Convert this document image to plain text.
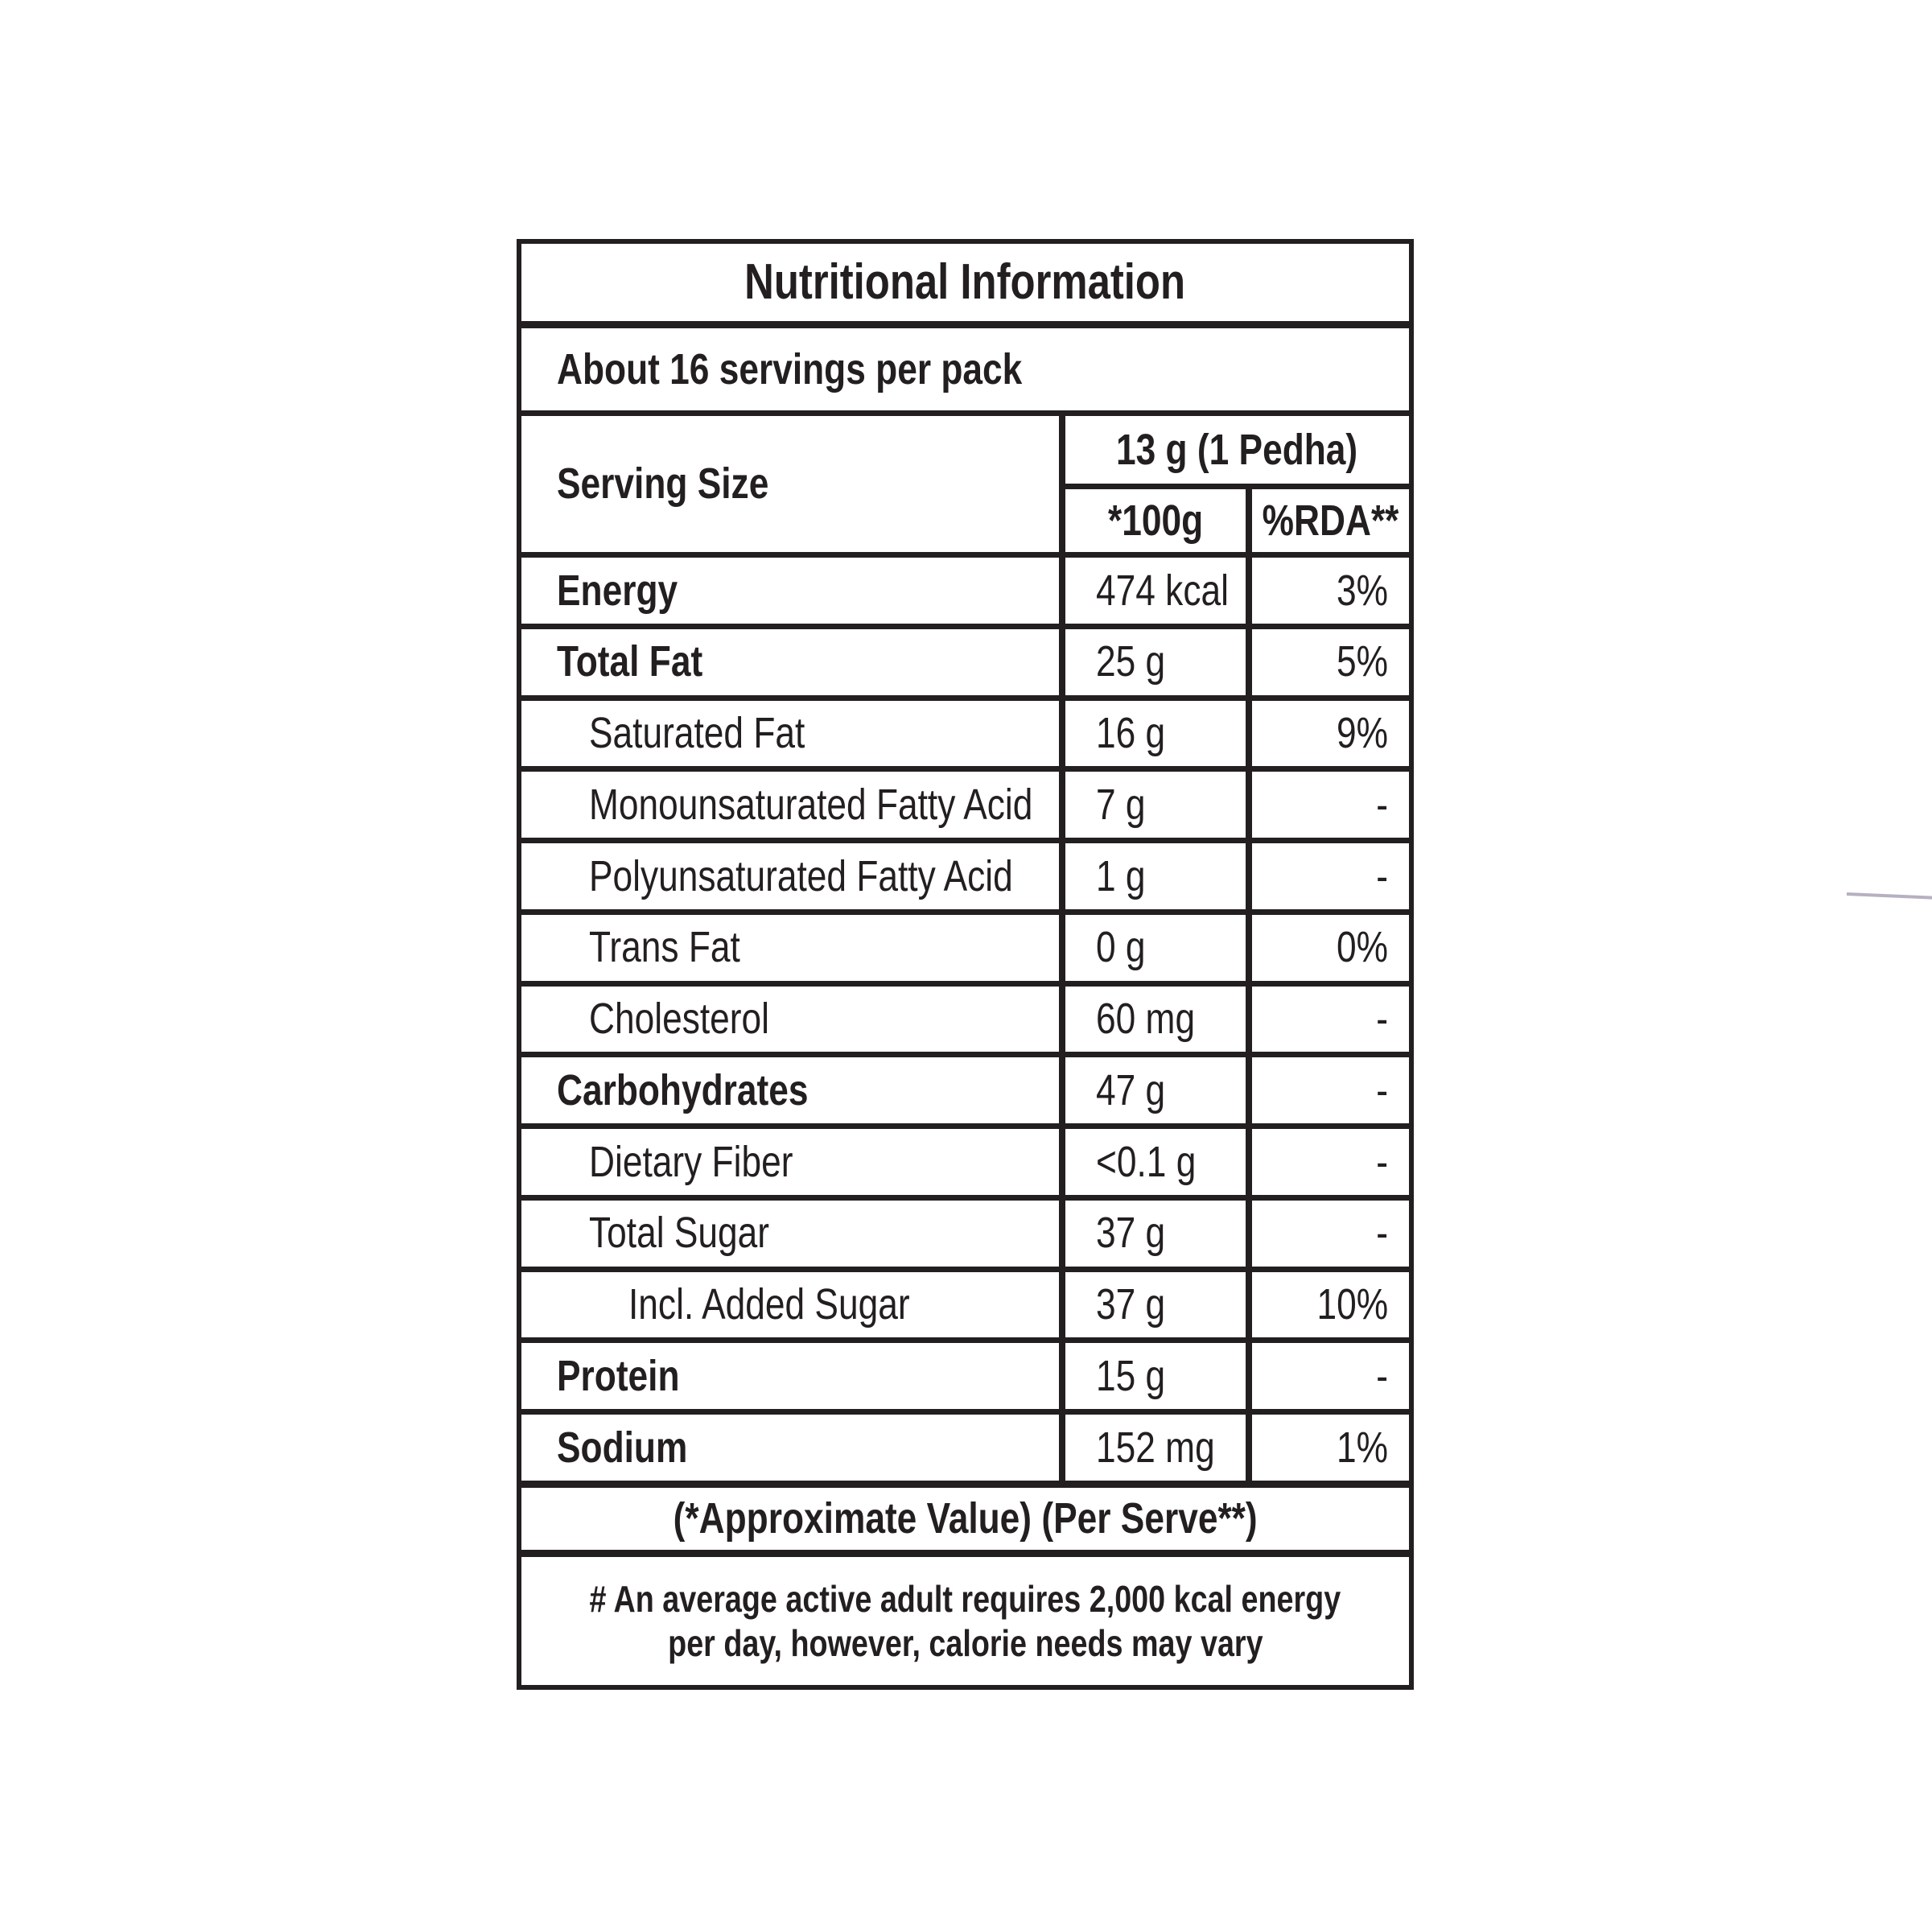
Nutritional Information
About 16 servings per pack
Serving Size
13 g (1 Pedha)
*100g %RDA**
Energy	474 kcal 3%
Total Fat	25 g	5%
Saturated Fat	16 g	9%
Monounsaturated Fatty Acid 7 g	-
Polyunsaturated Fatty Acid 1 g	-
Trans Fat	0 g	0%
Cholesterol	60 mg	-
Carbohydrates	47 g	-
Dietary Fiber	<0.1 g	-
Total Sugar	37 g	-
Incl. Added Sugar	37 g	10%
Protein	15 g	-
Sodium	152 mg	1%
(*Approximate Value) (Per Serve**)
# An average active adult requires 2,000 kcal energy
per day, however, calorie needs may vary
